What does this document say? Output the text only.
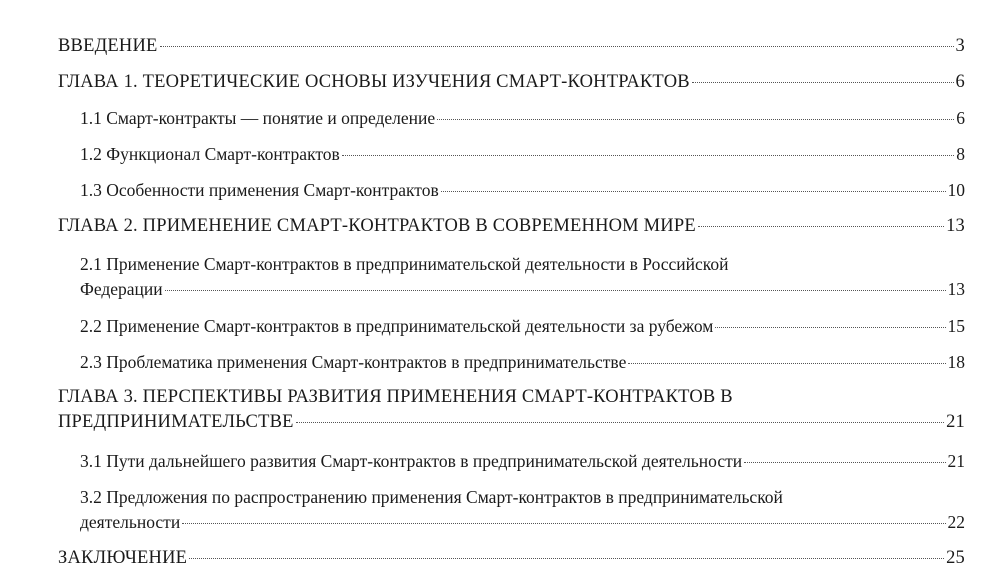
ВВЕДЕНИЕ	3
ГЛАВА 1. ТЕОРЕТИЧЕСКИЕ ОСНОВЫ ИЗУЧЕНИЯ СМАРТ-КОНТРАКТОВ	6
1.1 Смарт-контракты — понятие и определение	6
1.2 Функционал Смарт-контрактов	8
1.3 Особенности применения Смарт-контрактов	10
ГЛАВА 2. ПРИМЕНЕНИЕ СМАРТ-КОНТРАКТОВ В СОВРЕМЕННОМ МИРЕ	13
2.1 Применение Смарт-контрактов в предпринимательской деятельности в Российской
Федерации	13
2.2 Применение Смарт-контрактов в предпринимательской деятельности за рубежом	15
2.3 Проблематика применения Смарт-контрактов в предпринимательстве	18
ГЛАВА 3. ПЕРСПЕКТИВЫ РАЗВИТИЯ ПРИМЕНЕНИЯ СМАРТ-КОНТРАКТОВ В
ПРЕДПРИНИМАТЕЛЬСТВЕ	21
3.1 Пути дальнейшего развития Смарт-контрактов в предпринимательской деятельности	21
3.2 Предложения по распространению применения Смарт-контрактов в предпринимательской
деятельности	22
ЗАКЛЮЧЕНИЕ	25
